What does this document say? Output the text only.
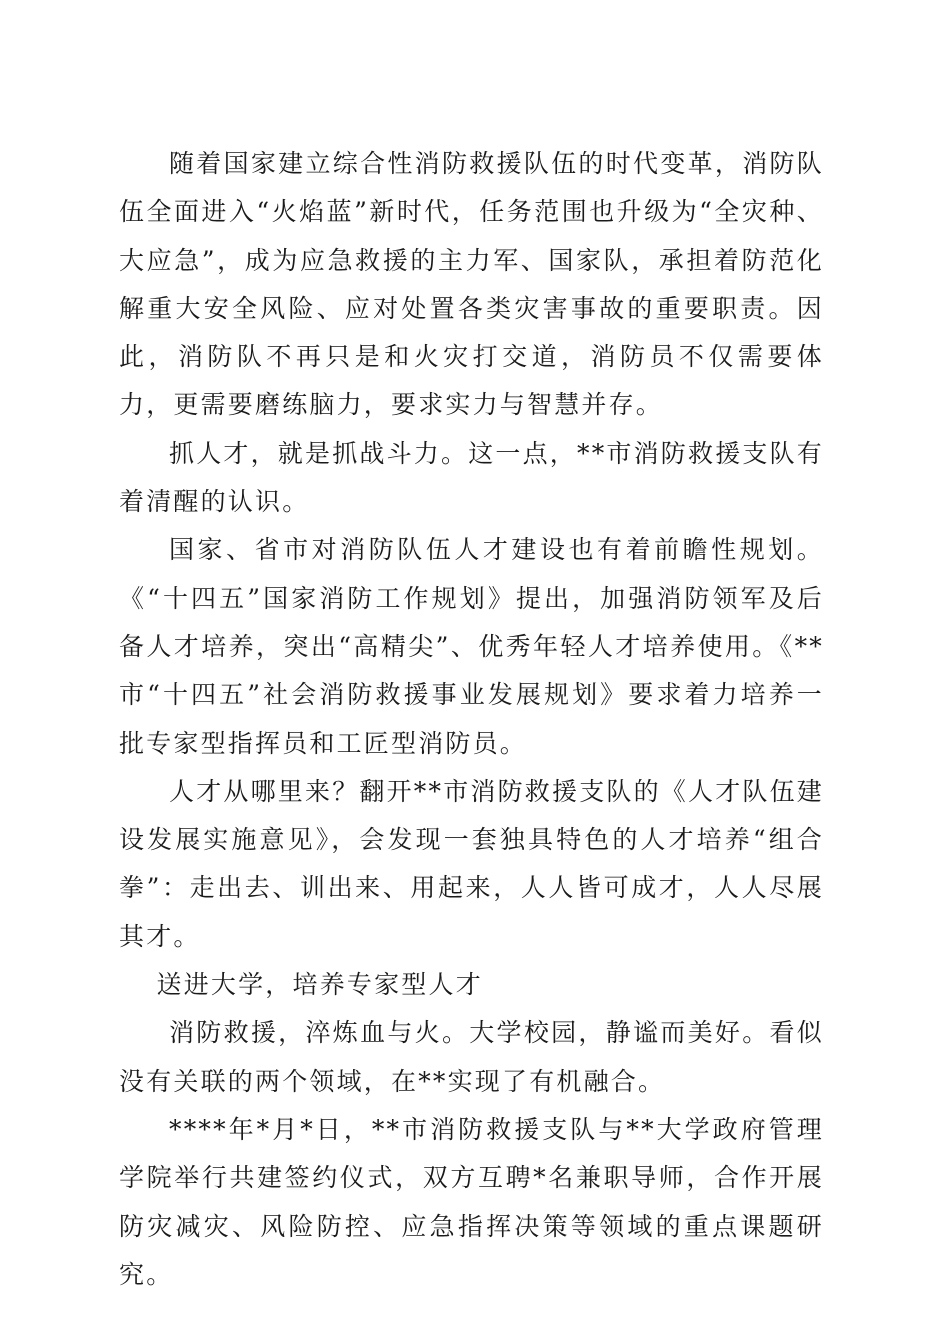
随着国家建立综合性消防救援队伍的时代变革，消防队伍全面进入“火焰蓝”新时代，任务范围也升级为“全灾种、大应急”，成为应急救援的主力军、国家队，承担着防范化解重大安全风险、应对处置各类灾害事故的重要职责。因此，消防队不再只是和火灾打交道，消防员不仅需要体力，更需要磨练脑力，要求实力与智慧并存。

抓人才，就是抓战斗力。这一点，**市消防救援支队有着清醒的认识。

国家、省市对消防队伍人才建设也有着前瞻性规划。《“十四五”国家消防工作规划》提出，加强消防领军及后备人才培养，突出“高精尖”、优秀年轻人才培养使用。《**市“十四五”社会消防救援事业发展规划》要求着力培养一批专家型指挥员和工匠型消防员。

人才从哪里来？翻开**市消防救援支队的《人才队伍建设发展实施意见》，会发现一套独具特色的人才培养“组合拳”：走出去、训出来、用起来，人人皆可成才，人人尽展其才。

送进大学，培养专家型人才

消防救援，淬炼血与火。大学校园，静谧而美好。看似没有关联的两个领域，在**实现了有机融合。

****年*月*日，**市消防救援支队与**大学政府管理学院举行共建签约仪式，双方互聘*名兼职导师，合作开展防灾减灾、风险防控、应急指挥决策等领域的重点课题研究。
